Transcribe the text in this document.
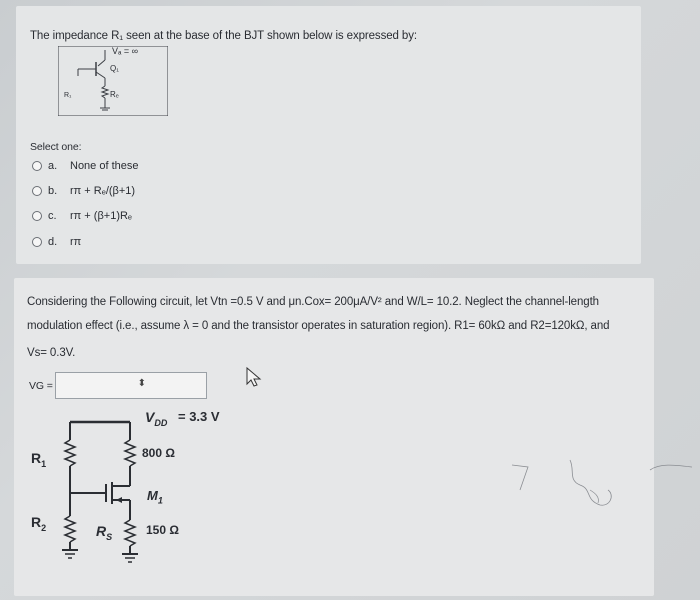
The impedance R₁ seen at the base of the BJT shown below is expressed by:
Vₐ = ∞
Q₁
R₁	Rₑ
Select one:
a.	None of these
b.	rπ + Rₑ/(β+1)
c.	rπ + (β+1)Rₑ
d.	rπ
Considering the Following circuit, let Vtn =0.5 V and μn.Cox= 200μA/V² and W/L= 10.2. Neglect the channel-length
modulation effect (i.e., assume λ = 0 and the transistor operates in saturation region). R1= 60kΩ and R2=120kΩ, and
Vs= 0.3V.
VG =	⬍
$V_{DD} = 3.3$ V
$R_1$
800 Ω
$M_1$
$R_2$	$R_S$	150 Ω
